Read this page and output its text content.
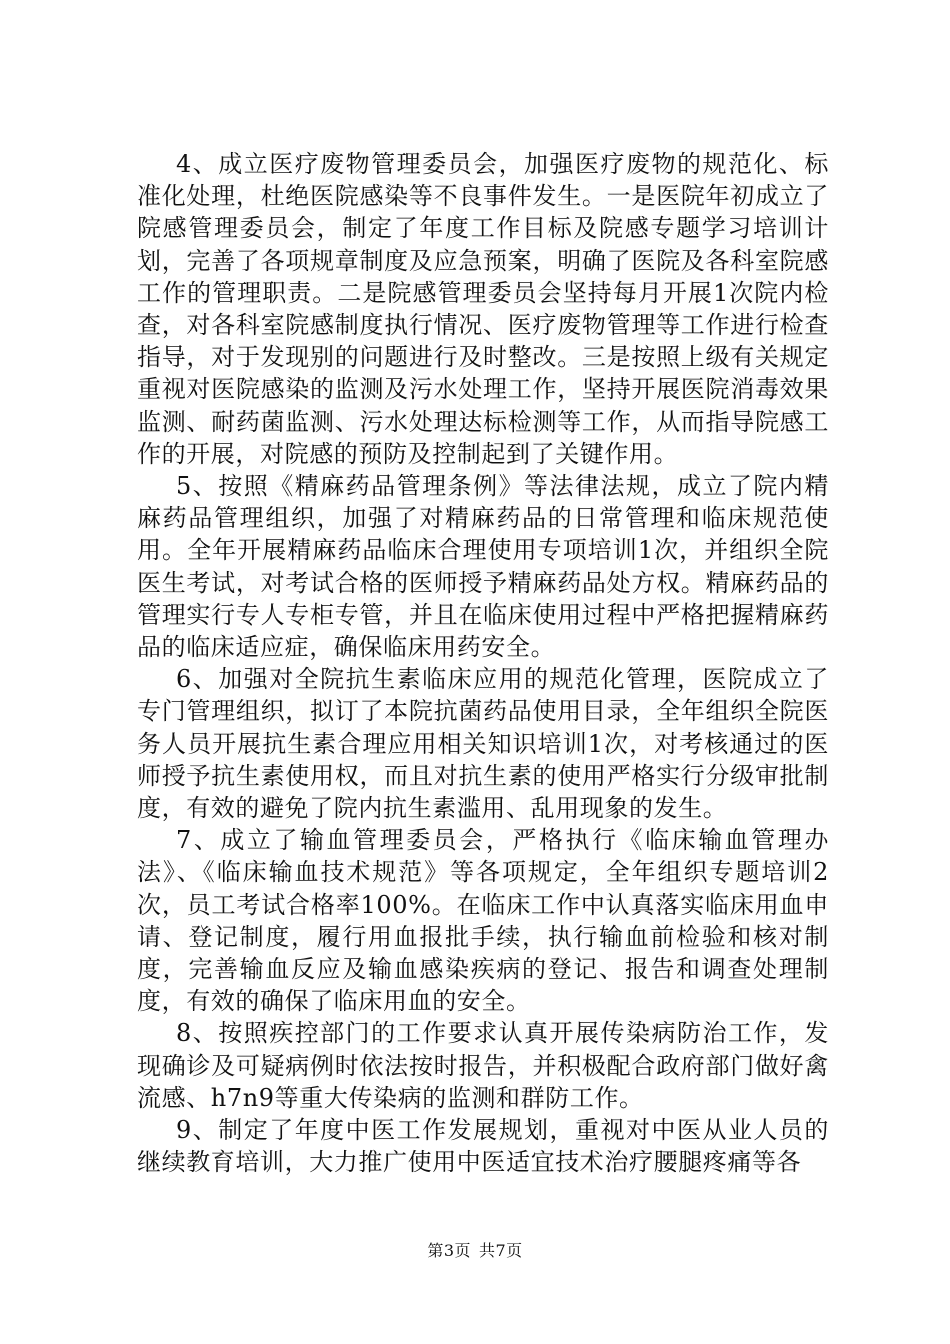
4、成立医疗废物管理委员会，加强医疗废物的规范化、标准化处理，杜绝医院感染等不良事件发生。一是医院年初成立了院感管理委员会，制定了年度工作目标及院感专题学习培训计划，完善了各项规章制度及应急预案，明确了医院及各科室院感工作的管理职责。二是院感管理委员会坚持每月开展1次院内检查，对各科室院感制度执行情况、医疗废物管理等工作进行检查指导，对于发现别的问题进行及时整改。三是按照上级有关规定重视对医院感染的监测及污水处理工作，坚持开展医院消毒效果监测、耐药菌监测、污水处理达标检测等工作，从而指导院感工作的开展，对院感的预防及控制起到了关键作用。

5、按照《精麻药品管理条例》等法律法规，成立了院内精麻药品管理组织，加强了对精麻药品的日常管理和临床规范使用。全年开展精麻药品临床合理使用专项培训1次，并组织全院医生考试，对考试合格的医师授予精麻药品处方权。精麻药品的管理实行专人专柜专管，并且在临床使用过程中严格把握精麻药品的临床适应症，确保临床用药安全。

6、加强对全院抗生素临床应用的规范化管理，医院成立了专门管理组织，拟订了本院抗菌药品使用目录，全年组织全院医务人员开展抗生素合理应用相关知识培训1次，对考核通过的医师授予抗生素使用权，而且对抗生素的使用严格实行分级审批制度，有效的避免了院内抗生素滥用、乱用现象的发生。

7、成立了输血管理委员会，严格执行《临床输血管理办法》、《临床输血技术规范》等各项规定，全年组织专题培训2次，员工考试合格率100%。在临床工作中认真落实临床用血申请、登记制度，履行用血报批手续，执行输血前检验和核对制度，完善输血反应及输血感染疾病的登记、报告和调查处理制度，有效的确保了临床用血的安全。

8、按照疾控部门的工作要求认真开展传染病防治工作，发现确诊及可疑病例时依法按时报告，并积极配合政府部门做好禽流感、h7n9等重大传染病的监测和群防工作。

9、制定了年度中医工作发展规划，重视对中医从业人员的继续教育培训，大力推广使用中医适宜技术治疗腰腿疼痛等各

第3页 共7页
